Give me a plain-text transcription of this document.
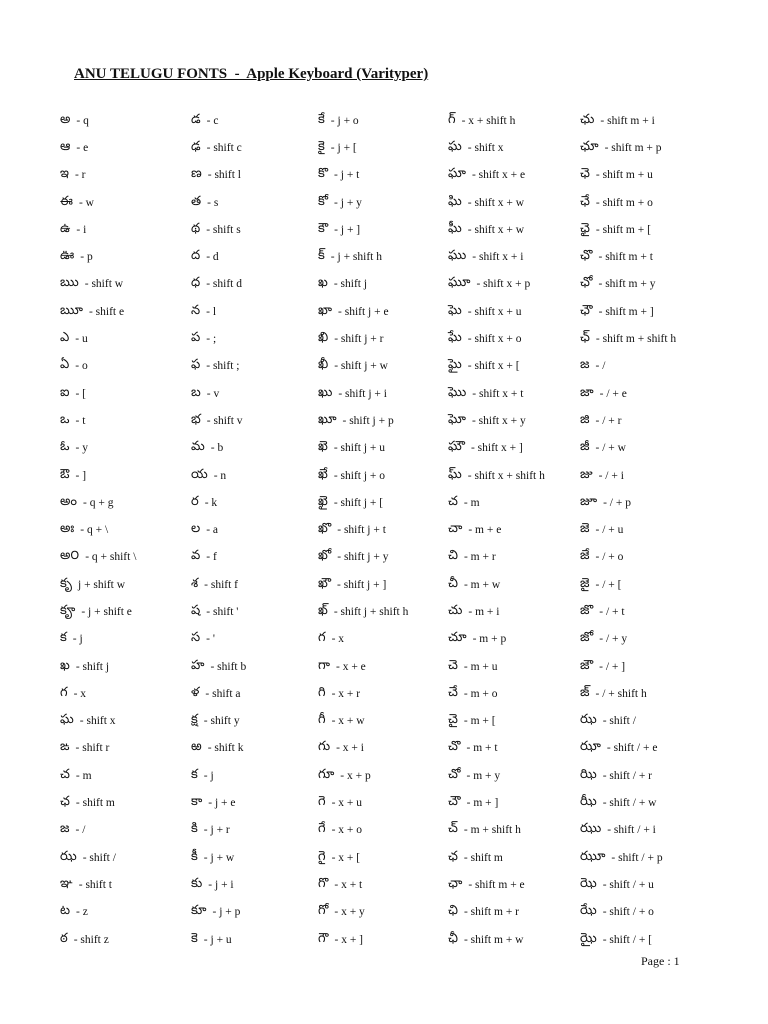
ANU TELUGU FONTS  -  Apple Keyboard (Varityper)
అ - q
ఆ - e
ఇ - r
ఈ - w
ఉ - i
ఊ - p
ఋ - shift w
ౠ - shift e
ఎ - u
ఏ - o
ఐ - [
ఒ - t
ఓ - y
ఔ - ]
అం - q + g
అః - q + \
అ౦ - q + shift \
కృ j + shift w
కౄ - j + shift e
క - j
ఖ - shift j
గ - x
ఘ - shift x
ఙ - shift r
చ - m
ఛ - shift m
జ - /
ఝ - shift /
ఞ - shift t
ట - z
ఠ - shift z
డ - c
ఢ - shift c
ణ - shift l
త - s
థ - shift s
ద - d
ధ - shift d
న - l
ప - ;
ఫ - shift ;
బ - v
భ - shift v
మ - b
య - n
ర - k
ల - a
వ - f
శ - shift f
ష - shift '
స - '
హ - shift b
ళ - shift a
క్ష - shift y
ఱ - shift k
క - j
కా - j + e
కి - j + r
కీ - j + w
కు - j + i
కూ - j + p
కె - j + u
కే - j + o
కై - j + [
కొ - j + t
కో - j + y
కౌ - j + ]
క్ - j + shift h
ఖ - shift j
ఖా - shift j + e
ఖి - shift j + r
ఖీ - shift j + w
ఖు - shift j + i
ఖూ - shift j + p
ఖె - shift j + u
ఖే - shift j + o
ఖై - shift j + [
ఖొ - shift j + t
ఖో - shift j + y
ఖౌ - shift j + ]
ఖ్ - shift j + shift h
గ - x
గా - x + e
గి - x + r
గీ - x + w
గు - x + i
గూ - x + p
గె - x + u
గే - x + o
గై - x + [
గొ - x + t
గో - x + y
గౌ - x + ]
గ్ - x + shift h
ఘ - shift x
ఘా - shift x + e
ఘి - shift x + w
ఘీ - shift x + w
ఘు - shift x + i
ఘూ - shift x + p
ఘె - shift x + u
ఘే - shift x + o
ఘై - shift x + [
ఘొ - shift x + t
ఘో - shift x + y
ఘౌ - shift x + ]
ఘ్ - shift x + shift h
చ - m
చా - m + e
చి - m + r
చీ - m + w
చు - m + i
చూ - m + p
చె - m + u
చే - m + o
చై - m + [
చొ - m + t
చో - m + y
చౌ - m + ]
చ్ - m + shift h
ఛ - shift m
ఛా - shift m + e
ఛి - shift m + r
ఛీ - shift m + w
ఛు - shift m + i
ఛూ - shift m + p
ఛె - shift m + u
ఛే - shift m + o
ఛై - shift m + [
ఛొ - shift m + t
ఛో - shift m + y
ఛౌ - shift m + ]
ఛ్ - shift m + shift h
జ - /
జా - / + e
జి - / + r
జీ - / + w
జు - / + i
జూ - / + p
జె - / + u
జే - / + o
జై - / + [
జొ - / + t
జో - / + y
జౌ - / + ]
జ్ - / + shift h
ఝ - shift /
ఝా - shift / + e
ఝి - shift / + r
ఝీ - shift / + w
ఝు - shift / + i
ఝూ - shift / + p
ఝె - shift / + u
ఝే - shift / + o
ఝై - shift / + [
Page : 1
